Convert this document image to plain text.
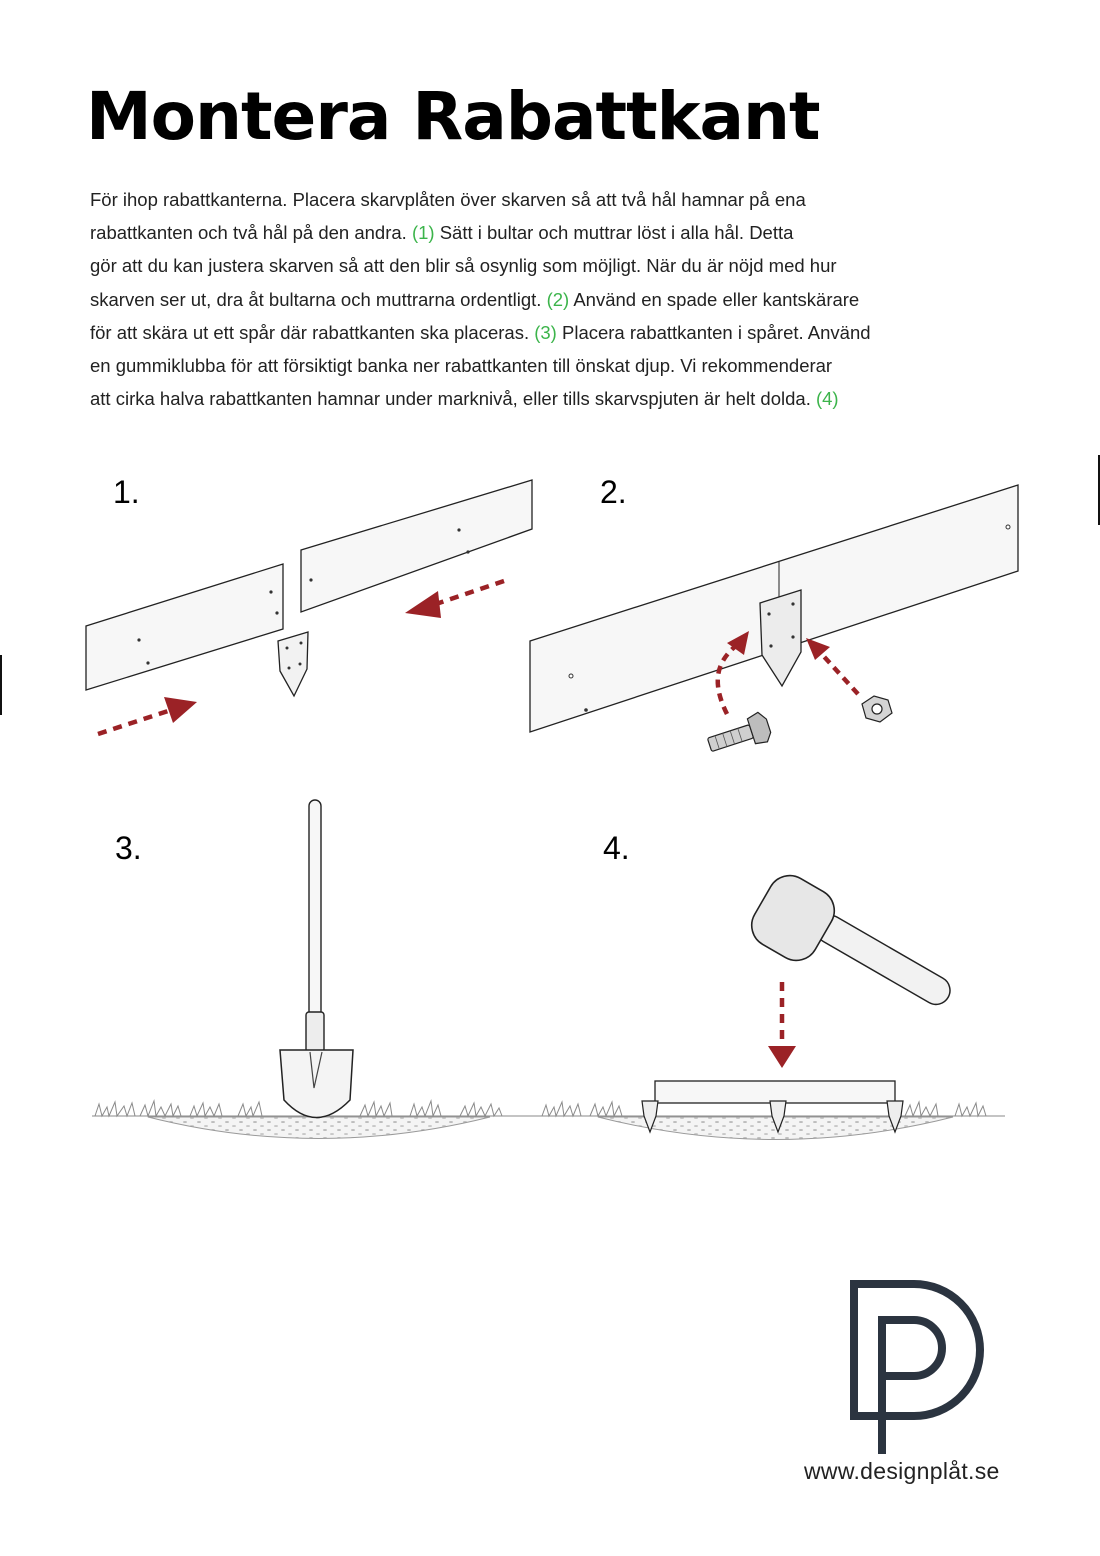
Montera Rabattkant
För ihop rabattkanterna. Placera skarvplåten över skarven så att två hål hamnar på ena
rabattkanten och två hål på den andra. (1) Sätt i bultar och muttrar löst i alla hål. Detta
gör att du kan justera skarven så att den blir så osynlig som möjligt. När du är nöjd med hur
skarven ser ut, dra åt bultarna och muttrarna ordentligt. (2) Använd en spade eller kantskärare
för att skära ut ett spår där rabattkanten ska placeras. (3) Placera rabattkanten i spåret. Använd
en gummiklubba för att försiktigt banka ner rabattkanten till önskat djup. Vi rekommenderar
att cirka halva rabattkanten hamnar under marknivå, eller tills skarvspjuten är helt dolda. (4)
1.	2.
3.	4.
www.designplåt.se
